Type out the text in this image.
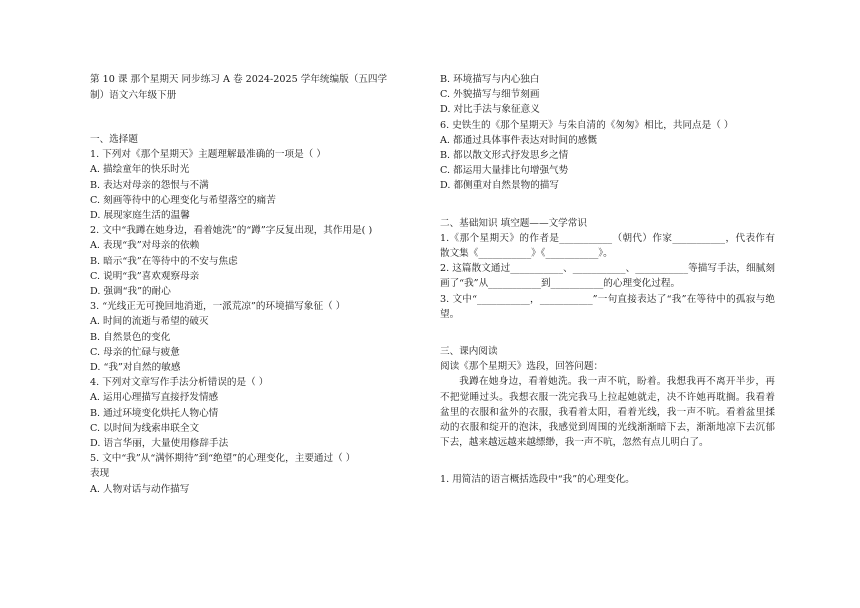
第 10 课 那个星期天 同步练习 A 卷 2024-2025 学年统编版（五四学
制）语文六年级下册
一、选择题
1. 下列对《那个星期天》主题理解最准确的一项是（ ）
A. 描绘童年的快乐时光
B. 表达对母亲的怨恨与不满
C. 刻画等待中的心理变化与希望落空的痛苦
D. 展现家庭生活的温馨
2. 文中“我蹲在她身边，看着她洗”的“蹲”字反复出现，其作用是( )
A. 表现“我”对母亲的依赖
B. 暗示“我”在等待中的不安与焦虑
C. 说明“我”喜欢观察母亲
D. 强调“我”的耐心
3. “光线正无可挽回地消逝，一派荒凉”的环境描写象征（ ）
A. 时间的流逝与希望的破灭
B. 自然景色的变化
C. 母亲的忙碌与疲惫
D. “我”对自然的敏感
4. 下列对文章写作手法分析错误的是（ ）
A. 运用心理描写直接抒发情感
B. 通过环境变化烘托人物心情
C. 以时间为线索串联全文
D. 语言华丽，大量使用修辞手法
5. 文中“我”从“满怀期待”到“绝望”的心理变化，主要通过（ ）
表现
A. 人物对话与动作描写
B. 环境描写与内心独白
C. 外貌描写与细节刻画
D. 对比手法与象征意义
6. 史铁生的《那个星期天》与朱自清的《匆匆》相比，共同点是（ ）
A. 都通过具体事件表达对时间的感慨
B. 都以散文形式抒发思乡之情
C. 都运用大量排比句增强气势
D. 都侧重对自然景物的描写
二、基础知识 填空题——文学常识
1.《那个星期天》的作者是___________（朝代）作家___________，代表作有散文集《___________》《___________》。
2. 这篇散文通过___________、___________、___________等描写手法，细腻刻画了“我”从___________到___________的心理变化过程。
3. 文中“___________，___________”一句直接表达了“我”在等待中的孤寂与绝望。
三、课内阅读
阅读《那个星期天》选段，回答问题：
我蹲在她身边，看着她洗。我一声不吭，盼着。我想我再不离开半步，再不把觉睡过头。我想衣服一洗完我马上拉起她就走，决不许她再耽搁。我看着盆里的衣服和盆外的衣服，我看着太阳，看着光线，我一声不吭。看着盆里揉动的衣服和绽开的泡沫，我感觉到周围的光线渐渐暗下去，渐渐地凉下去沉郁下去，越来越远越来越缥缈，我一声不吭，忽然有点儿明白了。
1. 用简洁的语言概括选段中“我”的心理变化。
